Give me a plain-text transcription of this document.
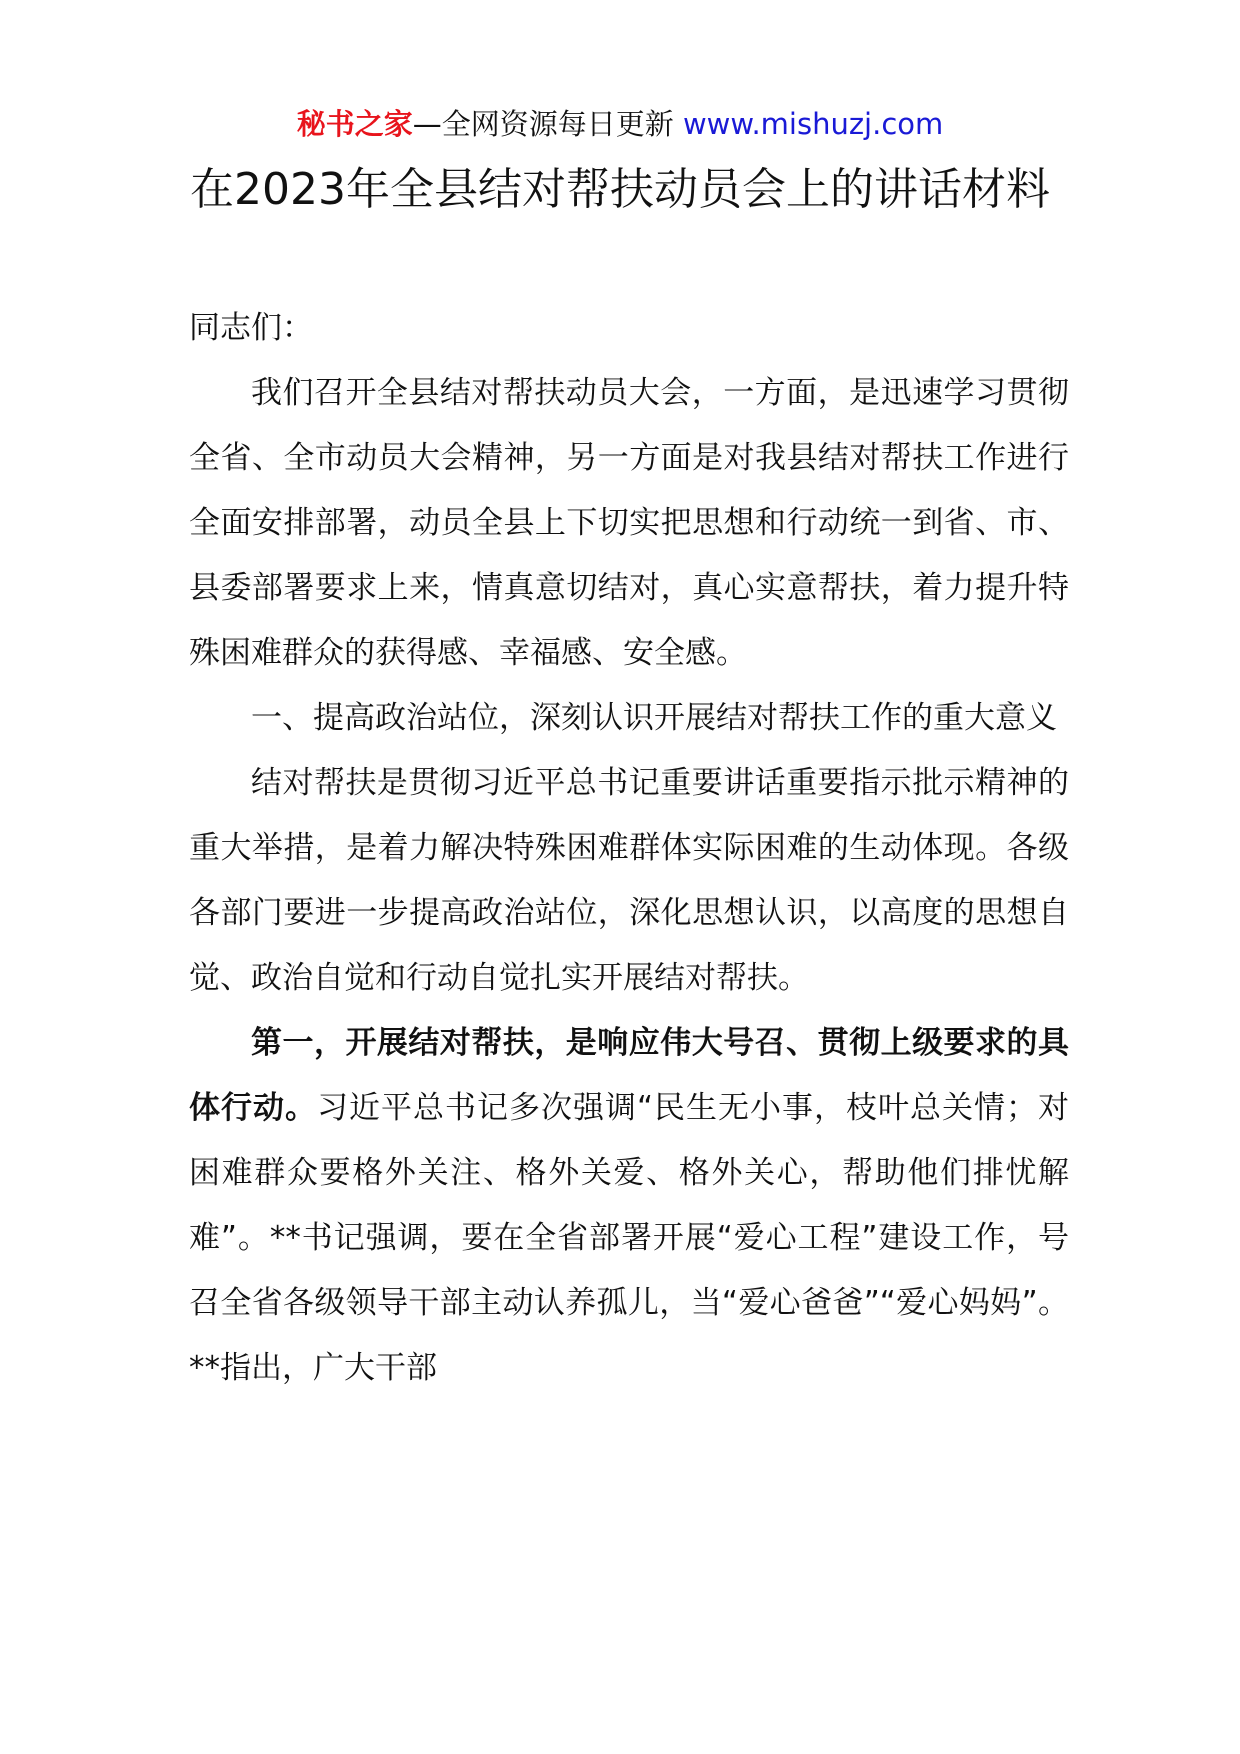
秘书之家—全网资源每日更新 www.mishuzj.com
在2023年全县结对帮扶动员会上的讲话材料

同志们：

我们召开全县结对帮扶动员大会，一方面，是迅速学习贯彻全省、全市动员大会精神，另一方面是对我县结对帮扶工作进行全面安排部署，动员全县上下切实把思想和行动统一到省、市、县委部署要求上来，情真意切结对，真心实意帮扶，着力提升特殊困难群众的获得感、幸福感、安全感。

一、提高政治站位，深刻认识开展结对帮扶工作的重大意义

结对帮扶是贯彻习近平总书记重要讲话重要指示批示精神的重大举措，是着力解决特殊困难群体实际困难的生动体现。各级各部门要进一步提高政治站位，深化思想认识，以高度的思想自觉、政治自觉和行动自觉扎实开展结对帮扶。

第一，开展结对帮扶，是响应伟大号召、贯彻上级要求的具体行动。习近平总书记多次强调“民生无小事，枝叶总关情；对困难群众要格外关注、格外关爱、格外关心，帮助他们排忧解难”。**书记强调，要在全省部署开展“爱心工程”建设工作，号召全省各级领导干部主动认养孤儿，当“爱心爸爸”“爱心妈妈”。**指出，广大干部
